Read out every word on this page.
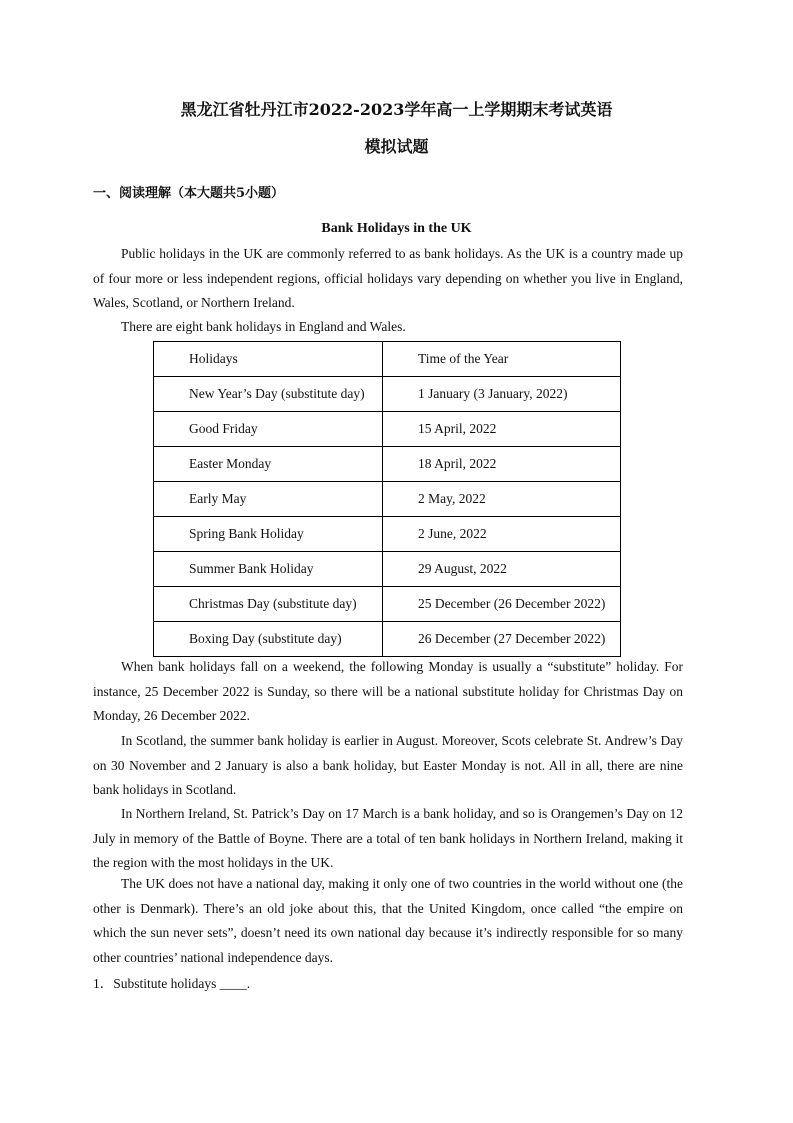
黑龙江省牡丹江市2022-2023学年高一上学期期末考试英语
模拟试题
一、阅读理解（本大题共5小题）
Bank Holidays in the UK

Public holidays in the UK are commonly referred to as bank holidays. As the UK is a country made up of four more or less independent regions, official holidays vary depending on whether you live in England, Wales, Scotland, or Northern Ireland.

There are eight bank holidays in England and Wales.

Holidays	Time of the Year
New Year’s Day (substitute day)	1 January (3 January, 2022)
Good Friday	15 April, 2022
Easter Monday	18 April, 2022
Early May	2 May, 2022
Spring Bank Holiday	2 June, 2022
Summer Bank Holiday	29 August, 2022
Christmas Day (substitute day)	25 December (26 December 2022)
Boxing Day (substitute day)	26 December (27 December 2022)

When bank holidays fall on a weekend, the following Monday is usually a “substitute” holiday. For instance, 25 December 2022 is Sunday, so there will be a national substitute holiday for Christmas Day on Monday, 26 December 2022.

In Scotland, the summer bank holiday is earlier in August. Moreover, Scots celebrate St. Andrew’s Day on 30 November and 2 January is also a bank holiday, but Easter Monday is not. All in all, there are nine bank holidays in Scotland.

In Northern Ireland, St. Patrick’s Day on 17 March is a bank holiday, and so is Orangemen’s Day on 12 July in memory of the Battle of Boyne. There are a total of ten bank holidays in Northern Ireland, making it the region with the most holidays in the UK.

The UK does not have a national day, making it only one of two countries in the world without one (the other is Denmark). There’s an old joke about this, that the United Kingdom, once called “the empire on which the sun never sets”, doesn’t need its own national day because it’s indirectly responsible for so many other countries’ national independence days.

1．Substitute holidays ____.
